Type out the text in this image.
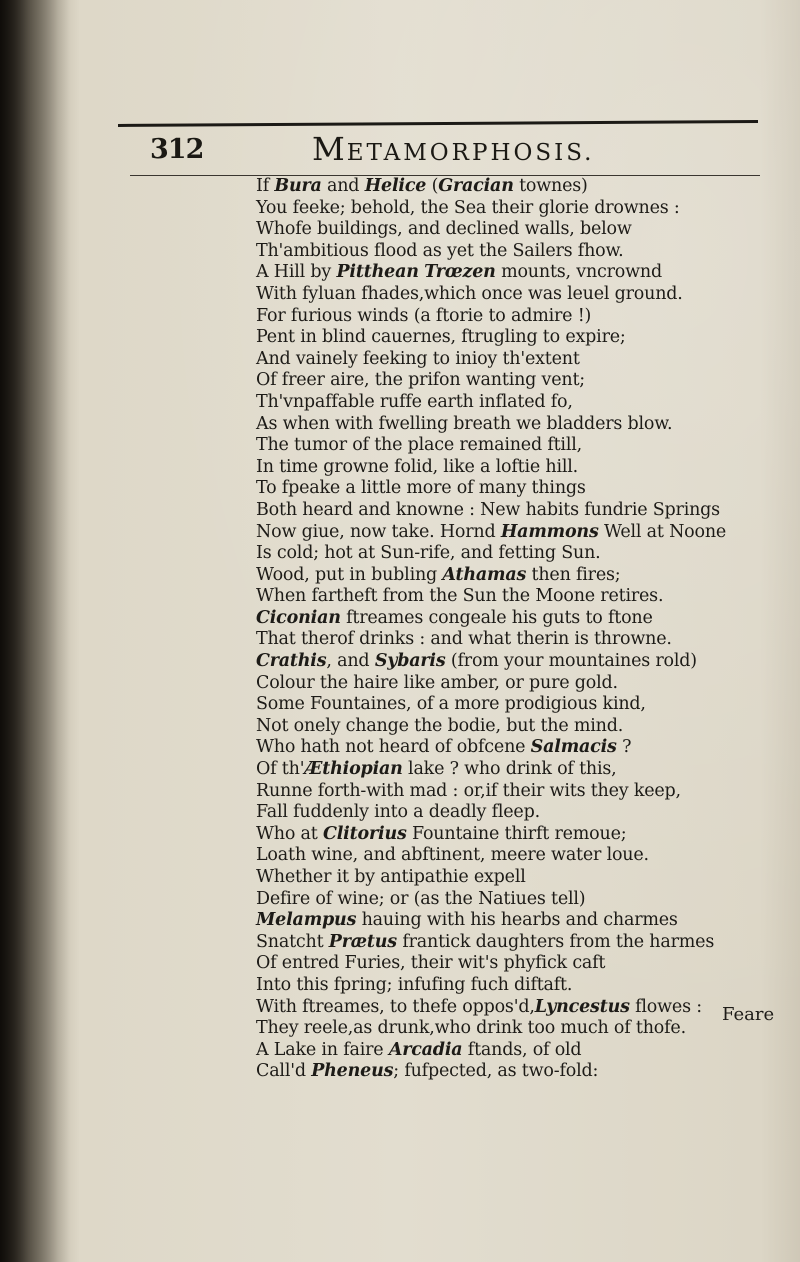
312	METAMORPHOSIS.
If Bura and Helice (Gracian townes)
You feeke; behold, the Sea their glorie drownes :
Whofe buildings, and declined walls, below
Th'ambitious flood as yet the Sailers fhow.
A Hill by Pitthean Trœzen mounts, vncrownd
With fyluan fhades,which once was leuel ground.
For furious winds (a ftorie to admire !)
Pent in blind cauernes, ftrugling to expire;
And vainely feeking to inioy th'extent
Of freer aire, the prifon wanting vent;
Th'vnpaffable ruffe earth inflated fo,
As when with fwelling breath we bladders blow.
The tumor of the place remained ftill,
In time growne folid, like a loftie hill.
To fpeake a little more of many things
Both heard and knowne : New habits fundrie Springs
Now giue, now take. Hornd Hammons Well at Noone
Is cold; hot at Sun-rife, and fetting Sun.
Wood, put in bubling Athamas then fires;
When fartheft from the Sun the Moone retires.
Ciconian ftreames congeale his guts to ftone
That therof drinks : and what therin is throwne.
Crathis, and Sybaris (from your mountaines rold)
Colour the haire like amber, or pure gold.
Some Fountaines, of a more prodigious kind,
Not onely change the bodie, but the mind.
Who hath not heard of obfcene Salmacis ?
Of th'Æthiopian lake ? who drink of this,
Runne forth-with mad : or,if their wits they keep,
Fall fuddenly into a deadly fleep.
Who at Clitorius Fountaine thirft remoue;
Loath wine, and abftinent, meere water loue.
Whether it by antipathie expell
Defire of wine; or (as the Natiues tell)
Melampus hauing with his hearbs and charmes
Snatcht Prætus frantick daughters from the harmes
Of entred Furies, their wit's phyfick caft
Into this fpring; infufing fuch diftaft.
With ftreames, to thefe oppos'd,Lyncestus flowes :
They reele,as drunk,who drink too much of thofe.
A Lake in faire Arcadia ftands, of old
Call'd Pheneus; fufpected, as two-fold:
Feare
